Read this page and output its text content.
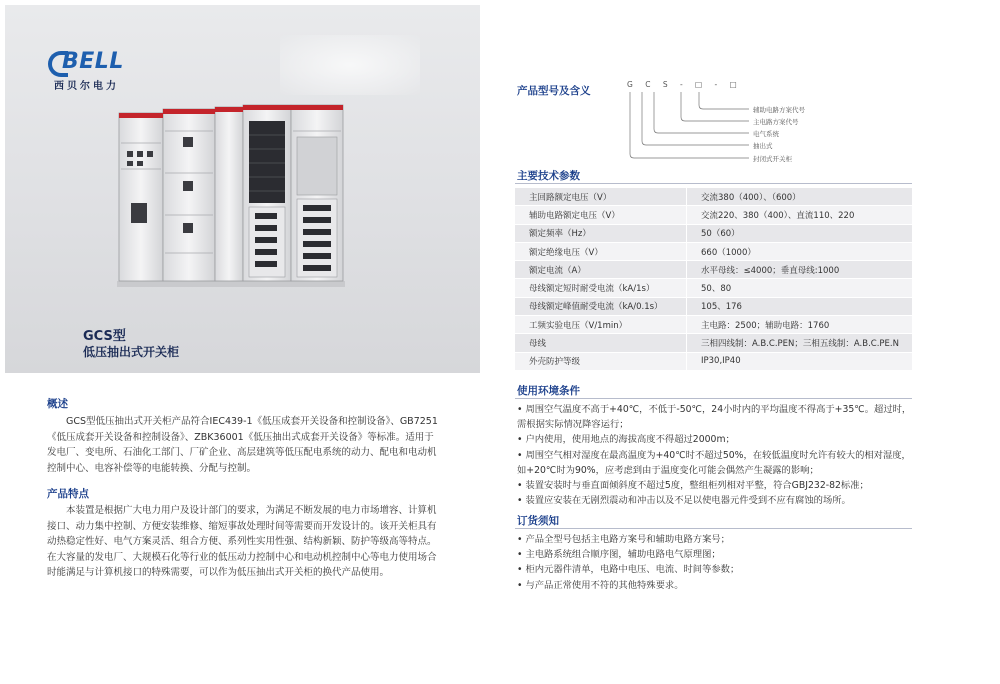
BELL
西贝尔电力
GCS型
低压抽出式开关柜
概述

GCS型低压抽出式开关柜产品符合IEC439-1《低压成套开关设备和控制设备》、GB7251《低压成套开关设备和控制设备》、ZBK36001《低压抽出式成套开关设备》等标准。适用于发电厂、变电所、石油化工部门、厂矿企业、高层建筑等低压配电系统的动力、配电和电动机控制中心、电容补偿等的电能转换、分配与控制。

产品特点

本装置是根据广大电力用户及设计部门的要求，为满足不断发展的电力市场增容、计算机接口、动力集中控制、方便安装维修、缩短事故处理时间等需要而开发设计的。该开关柜具有动热稳定性好、电气方案灵活、组合方便、系列性实用性强、结构新颖、防护等级高等特点。在大容量的发电厂、大规模石化等行业的低压动力控制中心和电动机控制中心等电力使用场合时能满足与计算机接口的特殊需要，可以作为低压抽出式开关柜的换代产品使用。

产品型号及含义
G C S - □ - □
辅助电路方案代号
主电路方案代号
电气系统
抽出式
封闭式开关柜
主要技术参数
主回路额定电压（V）	交流380（400）、（600）
辅助电路额定电压（V）	交流220、380（400）、直流110、220
额定频率（Hz）	50（60）
额定绝缘电压（V）	660（1000）
额定电流（A）	水平母线：≤4000；垂直母线:1000
母线额定短时耐受电流（kA/1s）	50、80
母线额定峰值耐受电流（kA/0.1s）	105、176
工频实验电压（V/1min）	主电路：2500；辅助电路：1760
母线	三相四线制：A.B.C.PEN；三相五线制：A.B.C.PE.N
外壳防护等级	IP30,IP40
使用环境条件
• 周围空气温度不高于+40℃，不低于-50℃，24小时内的平均温度不得高于+35℃。超过时，需根据实际情况降容运行；
• 户内使用，使用地点的海拔高度不得超过2000m；
• 周围空气相对湿度在最高温度为+40℃时不超过50%，在较低温度时允许有较大的相对湿度，如+20℃时为90%，应考虑到由于温度变化可能会偶然产生凝露的影响；
• 装置安装时与垂直面倾斜度不超过5度，整组柜列相对平整，符合GBJ232-82标准；
• 装置应安装在无剧烈震动和冲击以及不足以使电器元件受到不应有腐蚀的场所。
订货须知
• 产品全型号包括主电路方案号和辅助电路方案号；
• 主电路系统组合顺序图，辅助电路电气原理图；
• 柜内元器件清单，电路中电压、电流、时间等参数；
• 与产品正常使用不符的其他特殊要求。
